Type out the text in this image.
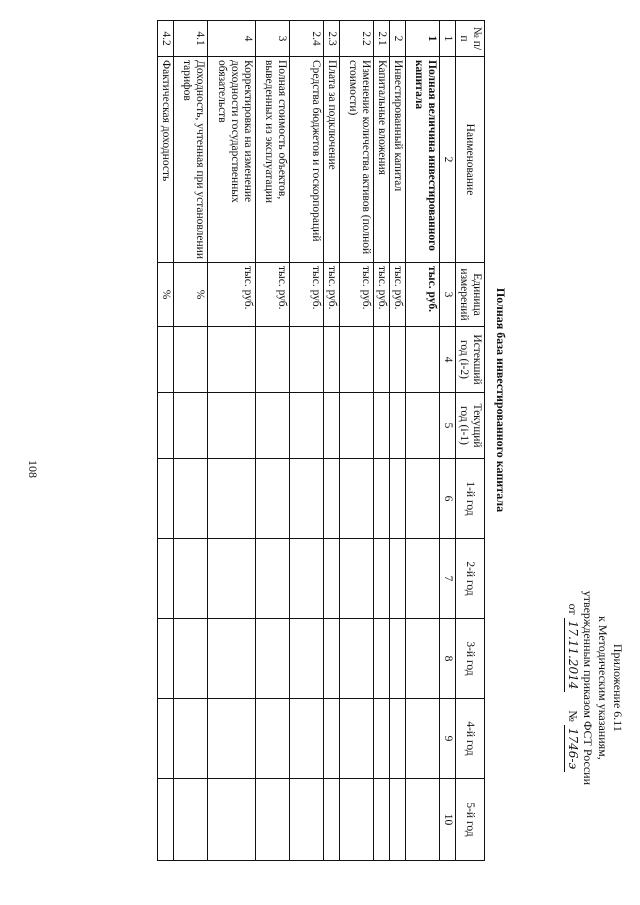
Приложение 6.11
к Методическим указаниям,
утвержденным приказом ФСТ России
от 17.11.2014      № 1746-э
Полная база инвестированного капитала
№ п/п	Наименование	Единица измерений	Истекший год (i-2)	Текущий год (i-1)	1-й год	2-й год	3-й год	4-й год	5-й год
1	2	3	4	5	6	7	8	9	10
1	Полная величина инвестированного капитала	тыс. руб.							
2	Инвестированный капитал	тыс. руб.							
2.1	Капитальные вложения	тыс. руб.							
2.2	Изменение количества активов (полной стоимости)	тыс. руб.							
2.3	Плата за подключение	тыс. руб.							
2.4	Средства бюджетов и госкорпораций	тыс. руб.							
3	Полная стоимость объектов, выведенных из эксплуатации	тыс. руб.							
4	Корректировка на изменение доходности государственных обязательств	тыс. руб.							
4.1	Доходность, учтенная при установлении тарифов	%							
4.2	Фактическая доходность	%							
108
